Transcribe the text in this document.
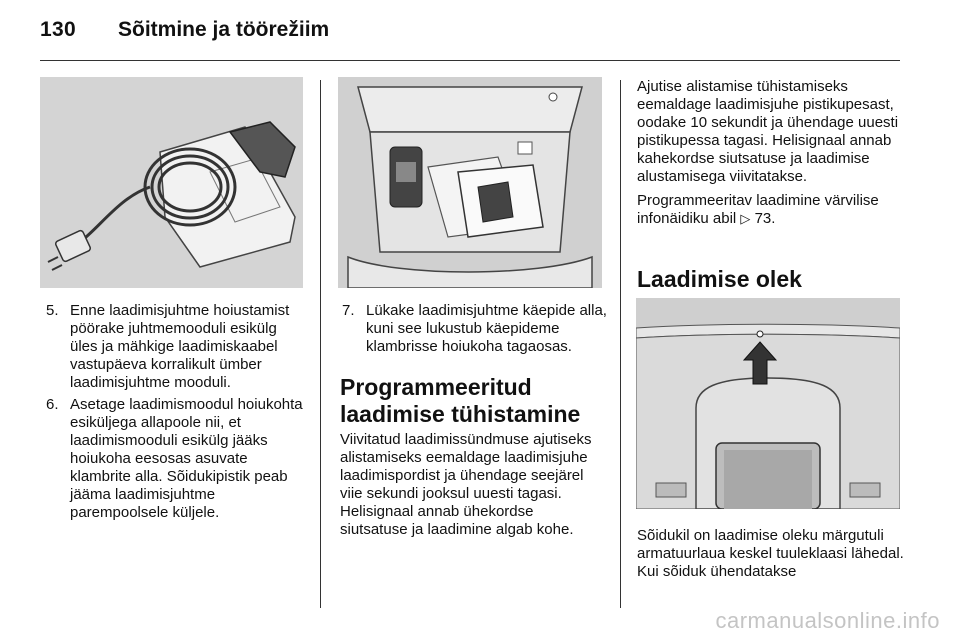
130 Sõitmine ja töörežiim
5. Enne laadimisjuhtme hoiustamist pöörake juhtmemooduli esikülg üles ja mähkige laadimiskaabel vastupäeva korralikult ümber laadimisjuhtme mooduli.
6. Asetage laadimismoodul hoiukohta esiküljega allapoole nii, et laadimismooduli esikülg jääks hoiukoha eesosas asuvate klambrite alla. Sõidukipistik peab jääma laadimisjuhtme parempoolsele küljele.
7. Lükake laadimisjuhtme käepide alla, kuni see lukustub käepideme klambrisse hoiukoha tagaosas.
Programmeeritud laadimise tühistamine

Viivitatud laadimissündmuse ajutiseks alistamiseks eemaldage laadimisjuhe laadimispordist ja ühendage seejärel viie sekundi jooksul uuesti tagasi. Helisignaal annab ühekordse siutsatuse ja laadimine algab kohe.

Ajutise alistamise tühistamiseks eemaldage laadimisjuhe pistikupesast, oodake 10 sekundit ja ühendage uuesti pistikupessa tagasi. Helisignaal annab kahekordse siutsatuse ja laadimise alustamisega viivitatakse.

Programmeeritav laadimine värvilise infonäidiku abil ▷ 73.

Laadimise olek

Sõidukil on laadimise oleku märgutuli armatuurlaua keskel tuuleklaasi lähedal. Kui sõiduk ühendatakse

carmanualsonline.info
